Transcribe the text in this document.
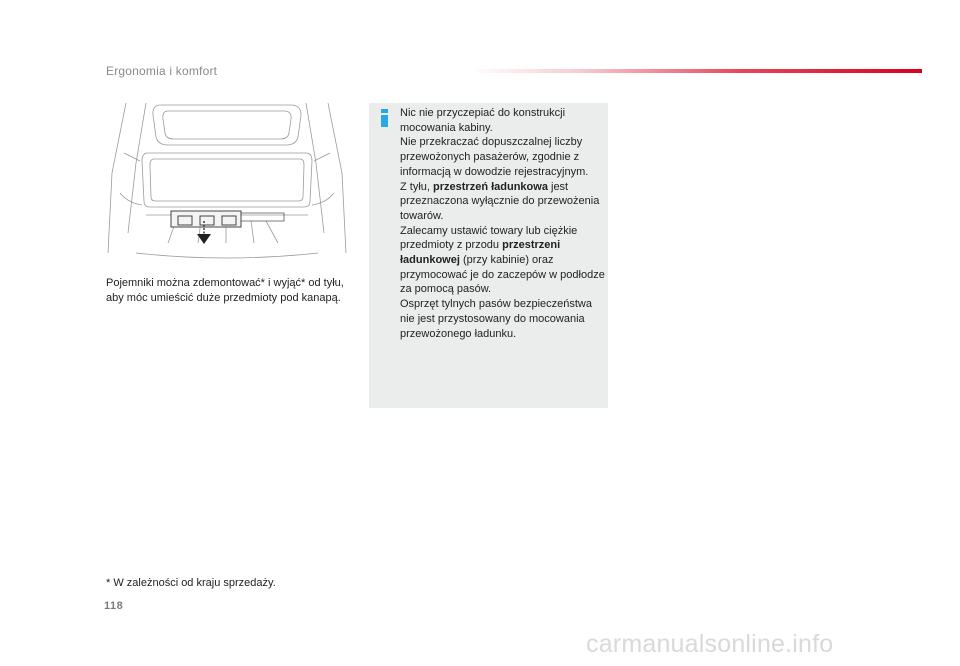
Ergonomia i komfort
Pojemniki można zdemontować* i wyjąć* od tyłu, aby móc umieścić duże przedmioty pod kanapą.

Nic nie przyczepiać do konstrukcji mocowania kabiny.

Nie przekraczać dopuszczalnej liczby przewożonych pasażerów, zgodnie z informacją w dowodzie rejestracyjnym.

Z tyłu, przestrzeń ładunkowa jest przeznaczona wyłącznie do przewożenia towarów.

Zalecamy ustawić towary lub ciężkie przedmioty z przodu przestrzeni ładunkowej (przy kabinie) oraz przymocować je do zaczepów w podłodze za pomocą pasów.

Osprzęt tylnych pasów bezpieczeństwa nie jest przystosowany do mocowania przewożonego ładunku.

* W zależności od kraju sprzedaży.
118
carmanualsonline.info
